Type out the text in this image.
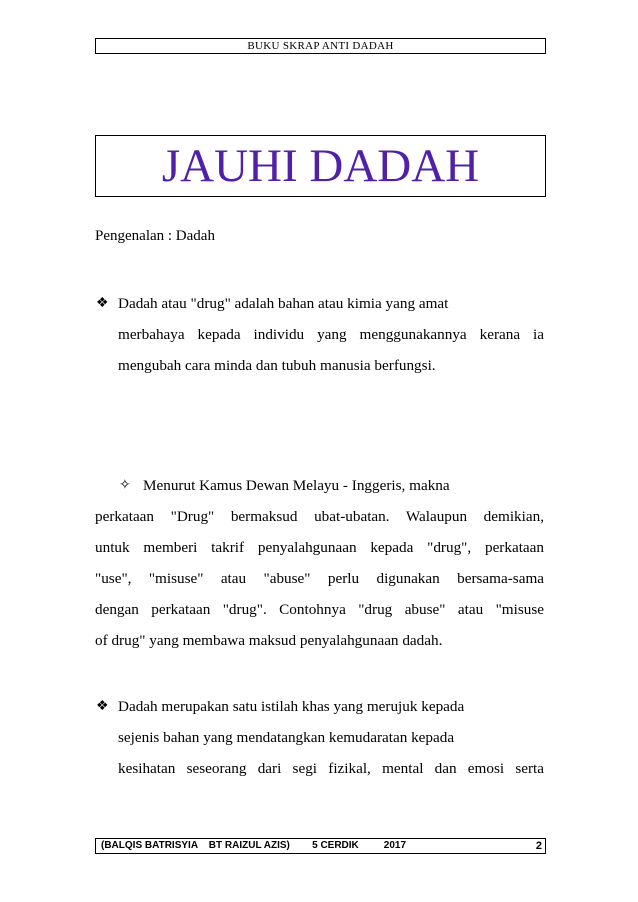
BUKU SKRAP ANTI DADAH
JAUHI DADAH
Pengenalan : Dadah
❖ Dadah atau "drug" adalah bahan atau kimia yang amat
merbahaya kepada individu yang menggunakannya kerana ia
mengubah cara minda dan tubuh manusia berfungsi.
✧ Menurut Kamus Dewan Melayu - Inggeris, makna
perkataan "Drug" bermaksud ubat-ubatan. Walaupun demikian,
untuk memberi takrif penyalahgunaan kepada "drug", perkataan
"use", "misuse" atau "abuse" perlu digunakan bersama-sama
dengan perkataan "drug". Contohnya "drug abuse" atau "misuse
of drug" yang membawa maksud penyalahgunaan dadah.
❖ Dadah merupakan satu istilah khas yang merujuk kepada
sejenis bahan yang mendatangkan kemudaratan kepada
kesihatan seseorang dari segi fizikal, mental dan emosi serta
(BALQIS BATRISYIA    BT RAIZUL AZIS)        5 CERDIK         2017	2
